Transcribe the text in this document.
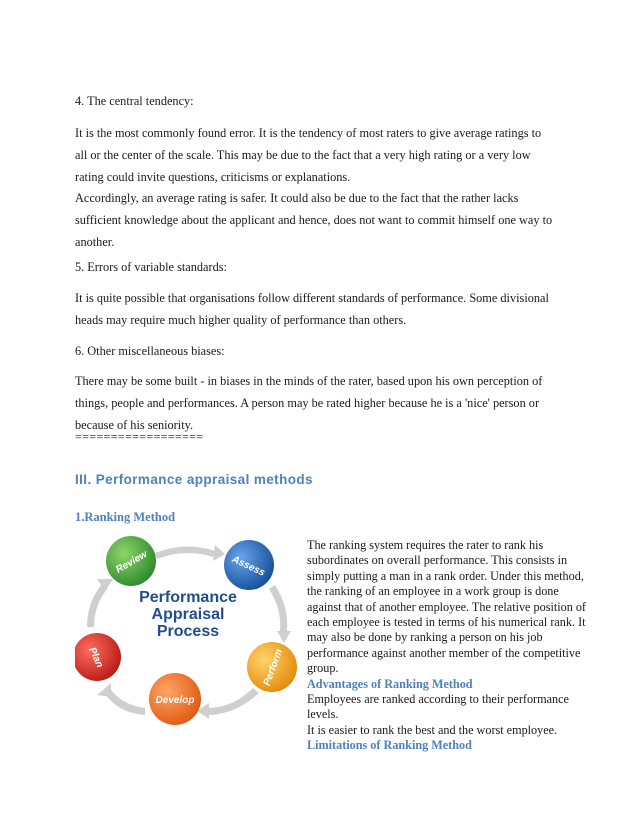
4. The central tendency:
It is the most commonly found error. It is the tendency of most raters to give average ratings to
all or the center of the scale. This may be due to the fact that a very high rating or a very low
rating could invite questions, criticisms or explanations.
Accordingly, an average rating is safer. It could also be due to the fact that the rather lacks
sufficient knowledge about the applicant and hence, does not want to commit himself one way to
another.
5. Errors of variable standards:
It is quite possible that organisations follow different standards of performance. Some divisional
heads may require much higher quality of performance than others.
6. Other miscellaneous biases:
There may be some built - in biases in the minds of the rater, based upon his own perception of
things, people and performances. A person may be rated higher because he is a 'nice' person or
because of his seniority.
==================
III. Performance appraisal methods
1.Ranking Method
Review	Assess
Perform
Develop
Plan
Performance
Appraisal
Process
The ranking system requires the rater to rank his
subordinates on overall performance. This consists in
simply putting a man in a rank order. Under this method,
the ranking of an employee in a work group is done
against that of another employee. The relative position of
each employee is tested in terms of his numerical rank. It
may also be done by ranking a person on his job
performance against another member of the competitive
group.
Advantages of Ranking Method
Employees are ranked according to their performance
levels.
It is easier to rank the best and the worst employee.
Limitations of Ranking Method
